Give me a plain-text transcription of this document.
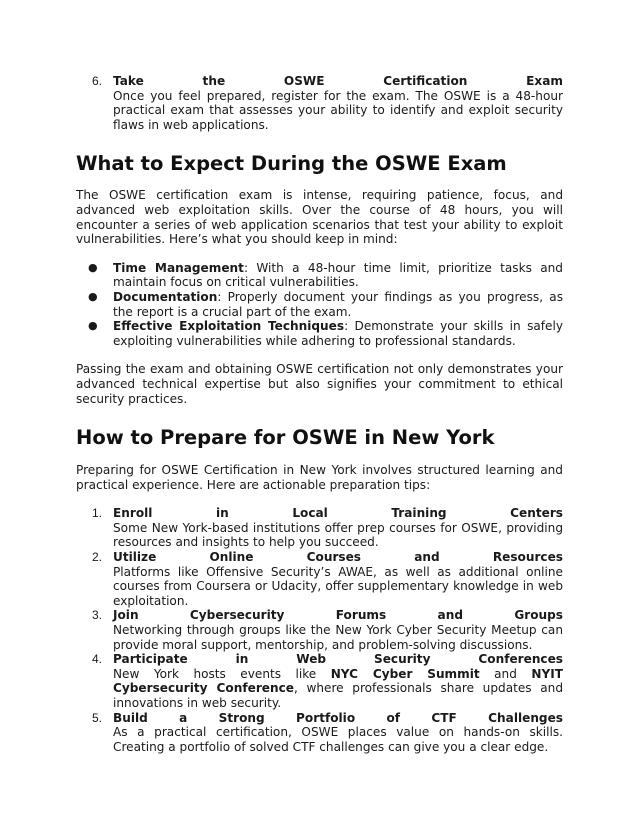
6. Take the OSWE Certification Exam

Once you feel prepared, register for the exam. The OSWE is a 48-hour practical exam that assesses your ability to identify and exploit security flaws in web applications.

What to Expect During the OSWE Exam

The OSWE certification exam is intense, requiring patience, focus, and advanced web exploitation skills. Over the course of 48 hours, you will encounter a series of web application scenarios that test your ability to exploit vulnerabilities. Here’s what you should keep in mind:

● Time Management: With a 48-hour time limit, prioritize tasks and maintain focus on critical vulnerabilities.
● Documentation: Properly document your findings as you progress, as the report is a crucial part of the exam.
● Effective Exploitation Techniques: Demonstrate your skills in safely exploiting vulnerabilities while adhering to professional standards.

Passing the exam and obtaining OSWE certification not only demonstrates your advanced technical expertise but also signifies your commitment to ethical security practices.

How to Prepare for OSWE in New York

Preparing for OSWE Certification in New York involves structured learning and practical experience. Here are actionable preparation tips:

1. Enroll in Local Training Centers

Some New York-based institutions offer prep courses for OSWE, providing resources and insights to help you succeed.

2. Utilize Online Courses and Resources

Platforms like Offensive Security’s AWAE, as well as additional online courses from Coursera or Udacity, offer supplementary knowledge in web exploitation.

3. Join Cybersecurity Forums and Groups

Networking through groups like the New York Cyber Security Meetup can provide moral support, mentorship, and problem-solving discussions.

4. Participate in Web Security Conferences

New York hosts events like NYC Cyber Summit and NYIT Cybersecurity Conference, where professionals share updates and innovations in web security.

5. Build a Strong Portfolio of CTF Challenges

As a practical certification, OSWE places value on hands-on skills. Creating a portfolio of solved CTF challenges can give you a clear edge.
